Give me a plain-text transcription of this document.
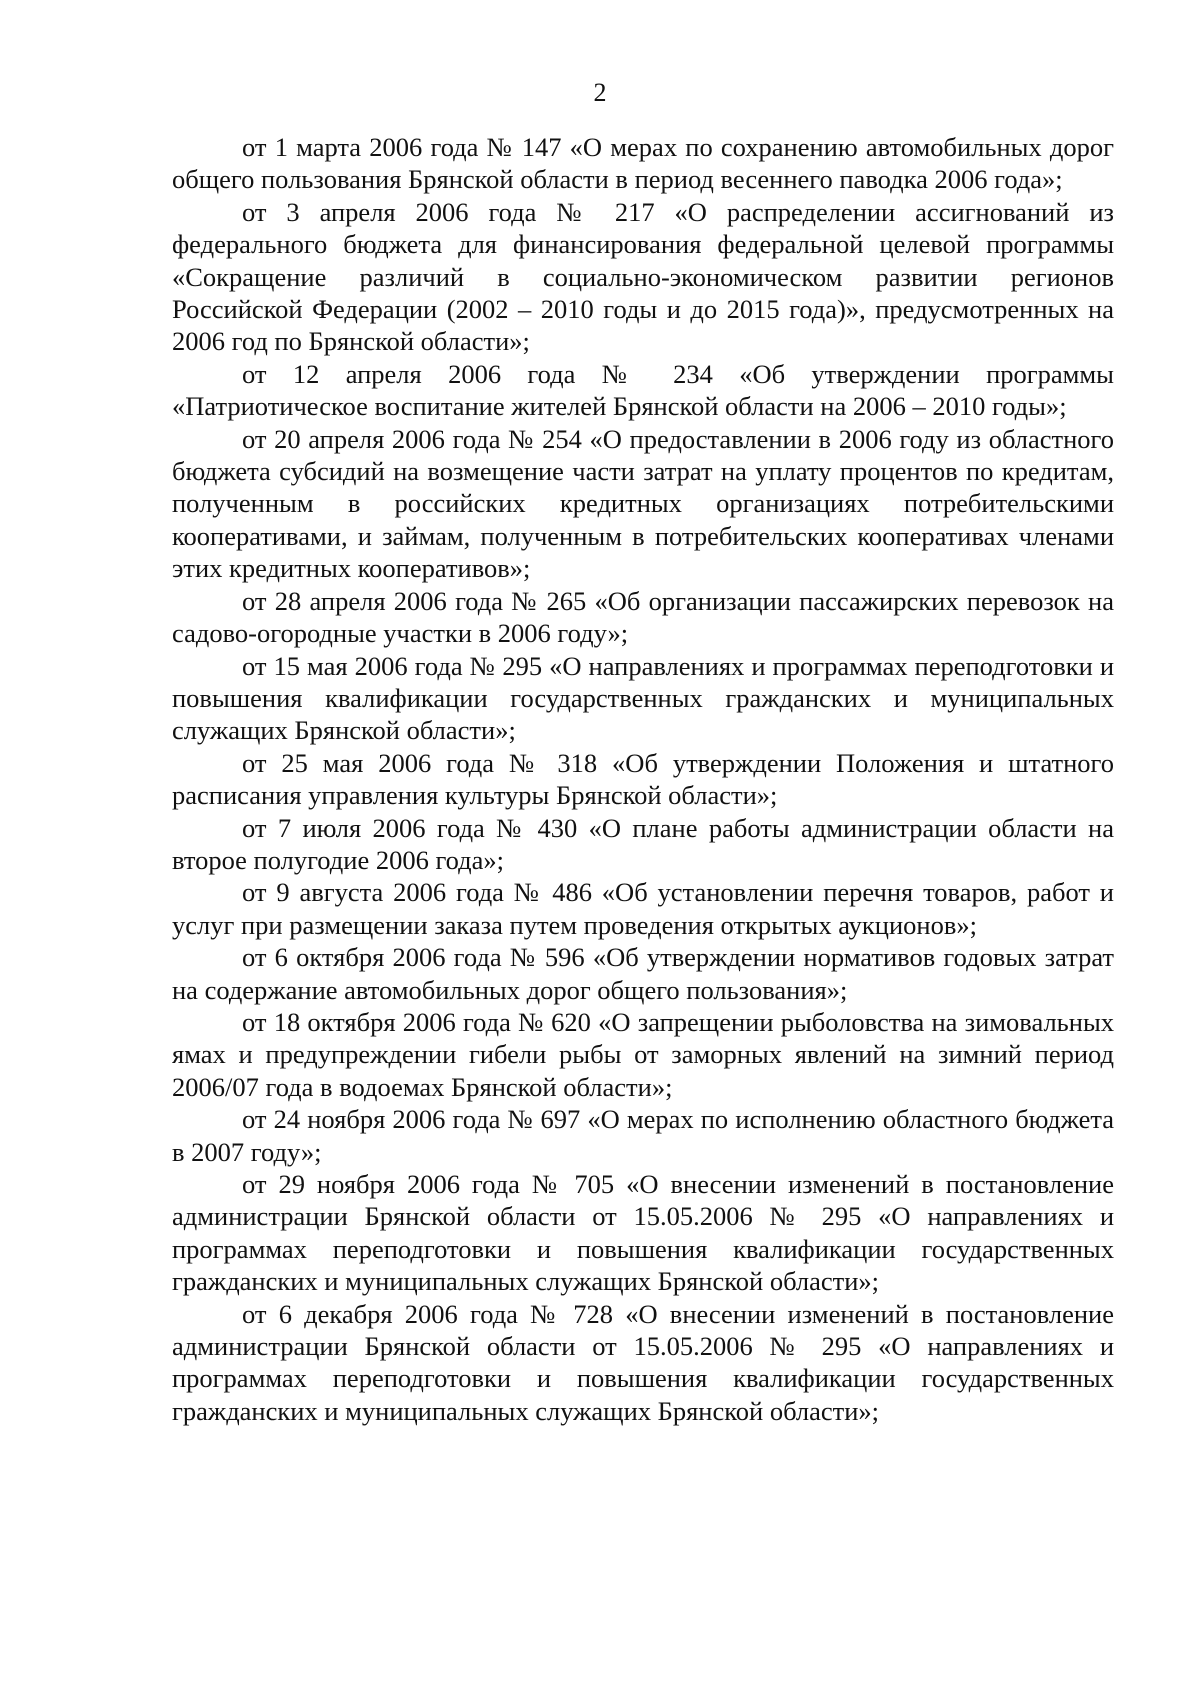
2

от 1 марта 2006 года № 147 «О мерах по сохранению автомобильных дорог общего пользования Брянской области в период весеннего паводка 2006 года»;

от 3 апреля 2006 года № 217 «О распределении ассигнований из федерального бюджета для финансирования федеральной целевой программы «Сокращение различий в социально-экономическом развитии регионов Российской Федерации (2002 – 2010 годы и до 2015 года)», предусмотренных на 2006 год по Брянской области»;

от 12 апреля 2006 года № 234 «Об утверждении программы «Патриотическое воспитание жителей Брянской области на 2006 – 2010 годы»;

от 20 апреля 2006 года № 254 «О предоставлении в 2006 году из областного бюджета субсидий на возмещение части затрат на уплату процентов по кредитам, полученным в российских кредитных организациях потребительскими кооперативами, и займам, полученным в потребительских кооперативах членами этих кредитных кооперативов»;

от 28 апреля 2006 года № 265 «Об организации пассажирских перевозок на садово-огородные участки в 2006 году»;

от 15 мая 2006 года № 295 «О направлениях и программах переподготовки и повышения квалификации государственных гражданских и муниципальных служащих Брянской области»;

от 25 мая 2006 года № 318 «Об утверждении Положения и штатного расписания управления культуры Брянской области»;

от 7 июля 2006 года № 430 «О плане работы администрации области на второе полугодие 2006 года»;

от 9 августа 2006 года № 486 «Об установлении перечня товаров, работ и услуг при размещении заказа путем проведения открытых аукционов»;

от 6 октября 2006 года № 596 «Об утверждении нормативов годовых затрат на содержание автомобильных дорог общего пользования»;

от 18 октября 2006 года № 620 «О запрещении рыболовства на зимовальных ямах и предупреждении гибели рыбы от заморных явлений на зимний период 2006/07 года в водоемах Брянской области»;

от 24 ноября 2006 года № 697 «О мерах по исполнению областного бюджета в 2007 году»;

от 29 ноября 2006 года № 705 «О внесении изменений в постановление администрации Брянской области от 15.05.2006 № 295 «О направлениях и программах переподготовки и повышения квалификации государственных гражданских и муниципальных служащих Брянской области»;

от 6 декабря 2006 года № 728 «О внесении изменений в постановление администрации Брянской области от 15.05.2006 № 295 «О направлениях и программах переподготовки и повышения квалификации государственных гражданских и муниципальных служащих Брянской области»;
